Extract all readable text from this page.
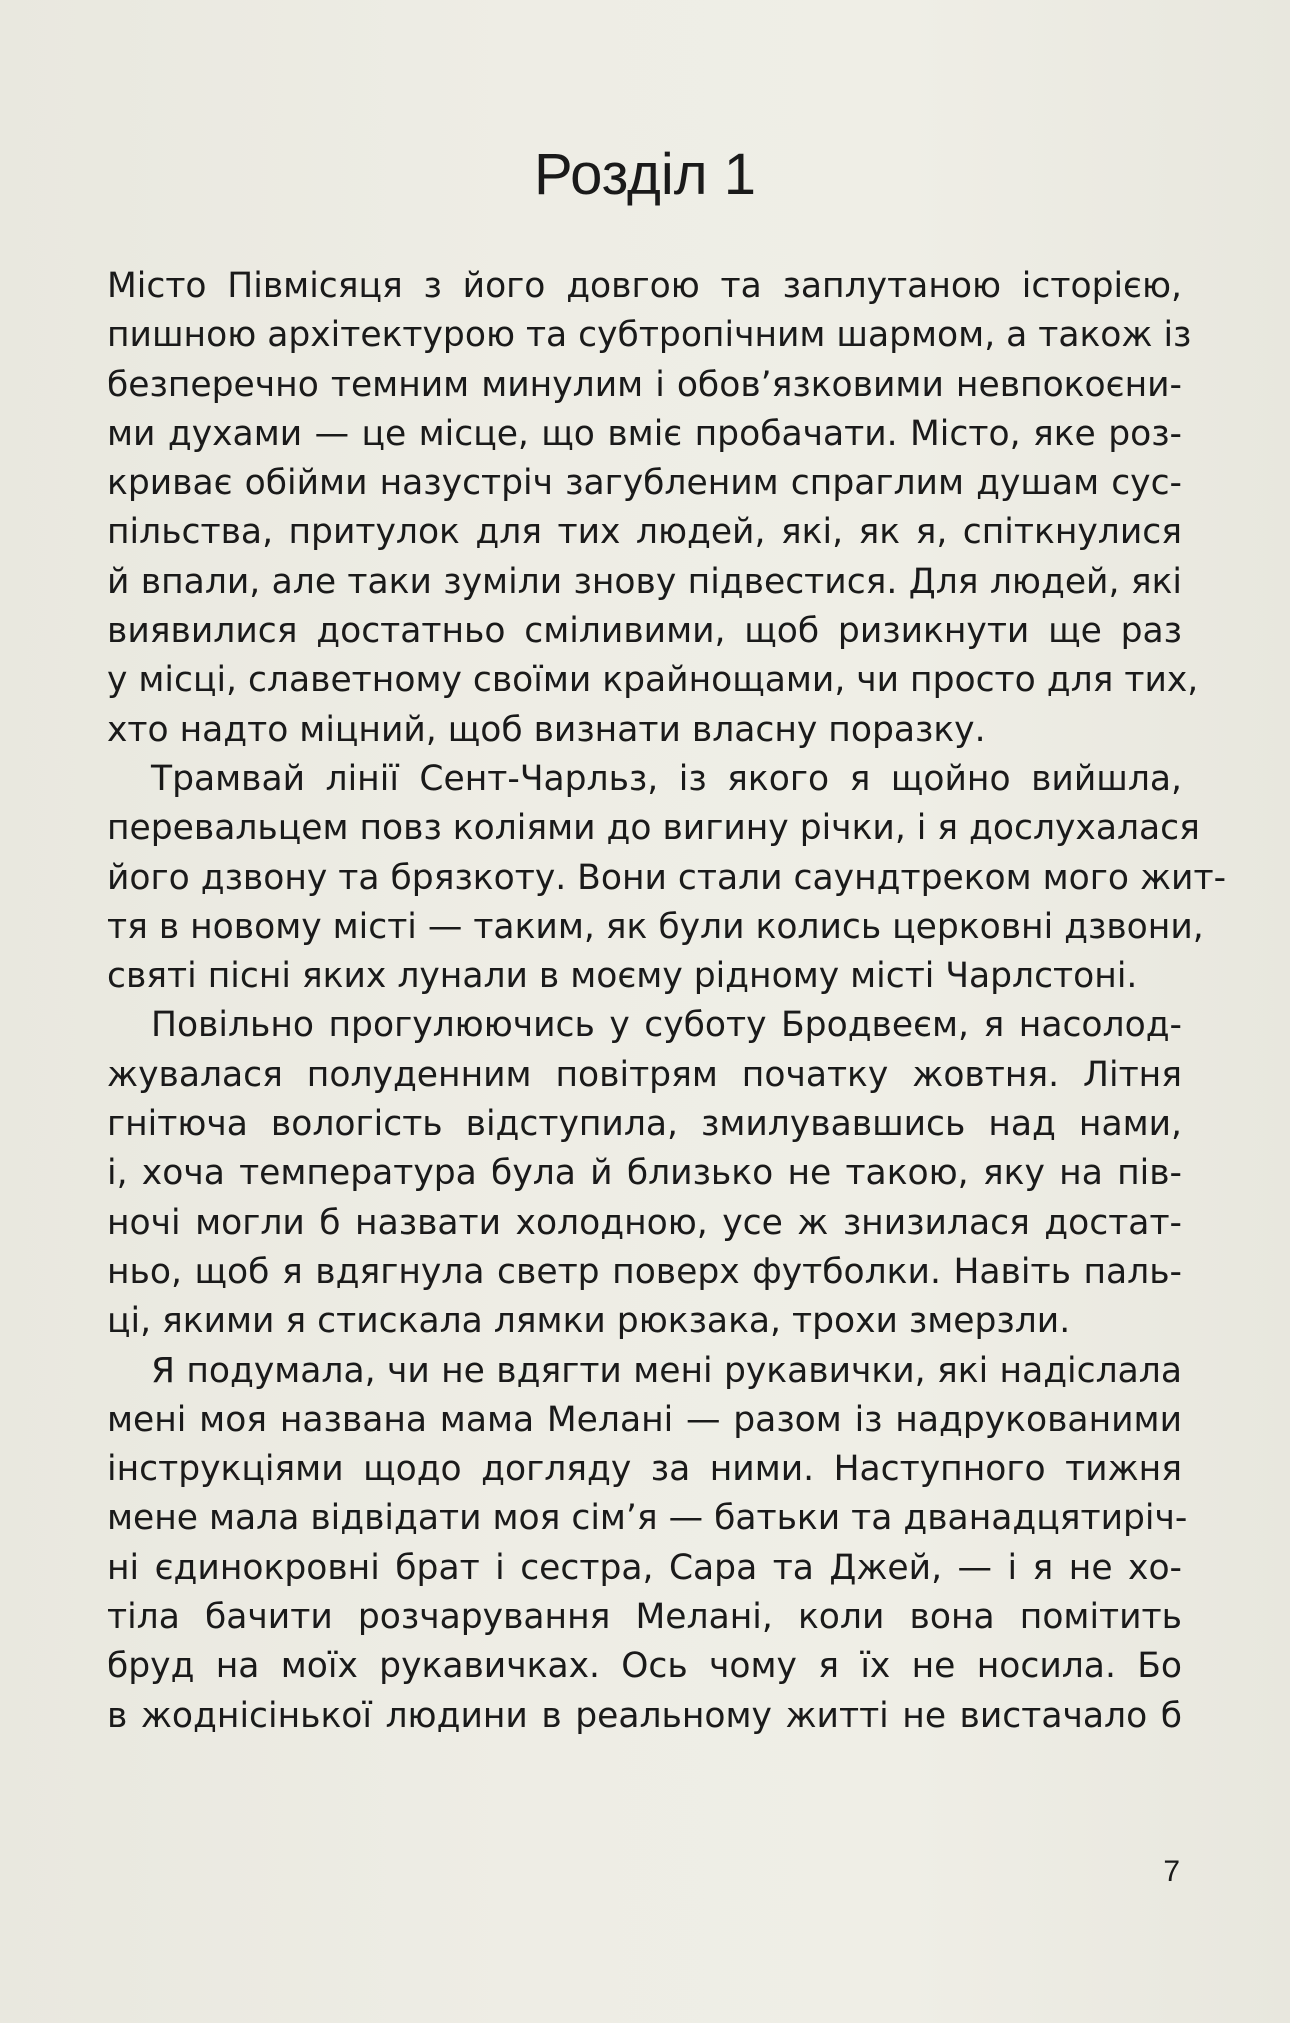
Розділ 1
Місто Півмісяця з його довгою та заплутаною історією,
пишною архітектурою та субтропічним шармом, а також із
безперечно темним минулим і обов’язковими невпокоєни-
ми духами — це місце, що вміє пробачати. Місто, яке роз-
криває обійми назустріч загубленим спраглим душам сус-
пільства, притулок для тих людей, які, як я, спіткнулися
й впали, але таки зуміли знову підвестися. Для людей, які
виявилися достатньо сміливими, щоб ризикнути ще раз
у місці, славетному своїми крайнощами, чи просто для тих,
хто надто міцний, щоб визнати власну поразку.
Трамвай лінії Сент-Чарльз, із якого я щойно вийшла,
перевальцем повз коліями до вигину річки, і я дослухалася
його дзвону та брязкоту. Вони стали саундтреком мого жит-
тя в новому місті — таким, як були колись церковні дзвони,
святі пісні яких лунали в моєму рідному місті Чарлстоні.
Повільно прогулюючись у суботу Бродвеєм, я насолод-
жувалася полуденним повітрям початку жовтня. Літня
гнітюча вологість відступила, змилувавшись над нами,
і, хоча температура була й близько не такою, яку на пів-
ночі могли б назвати холодною, усе ж знизилася достат-
ньо, щоб я вдягнула светр поверх футболки. Навіть паль-
ці, якими я стискала лямки рюкзака, трохи змерзли.
Я подумала, чи не вдягти мені рукавички, які надіслала
мені моя названа мама Мелані — разом із надрукованими
інструкціями щодо догляду за ними. Наступного тижня
мене мала відвідати моя сім’я — батьки та дванадцятиріч-
ні єдинокровні брат і сестра, Сара та Джей, — і я не хо-
тіла бачити розчарування Мелані, коли вона помітить
бруд на моїх рукавичках. Ось чому я їх не носила. Бо
в жоднісінької людини в реальному житті не вистачало б
7
